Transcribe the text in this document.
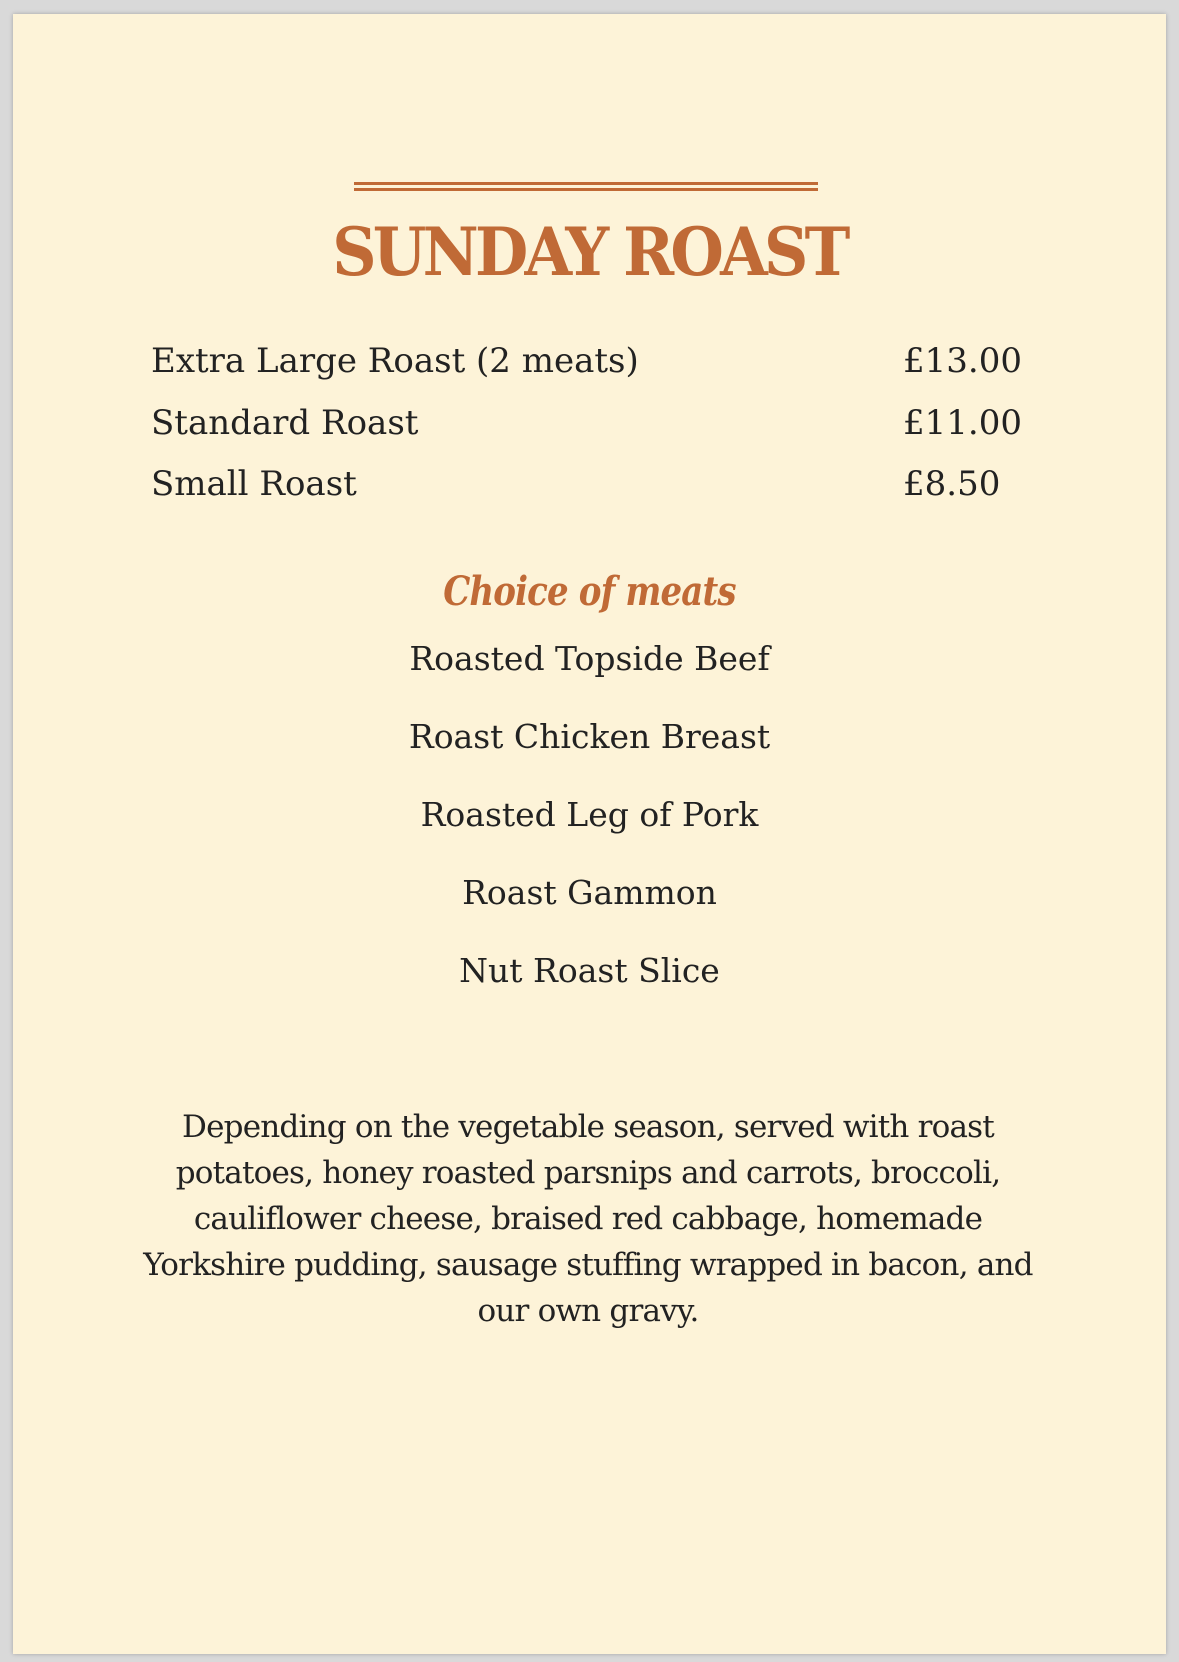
SUNDAY ROAST
Extra Large Roast (2 meats)	£13.00
Standard Roast	£11.00
Small Roast	£8.50
Choice of meats
Roasted Topside Beef
Roast Chicken Breast
Roasted Leg of Pork
Roast Gammon
Nut Roast Slice
Depending on the vegetable season, served with roast potatoes, honey roasted parsnips and carrots, broccoli, cauliflower cheese, braised red cabbage, homemade Yorkshire pudding, sausage stuffing wrapped in bacon, and our own gravy.
